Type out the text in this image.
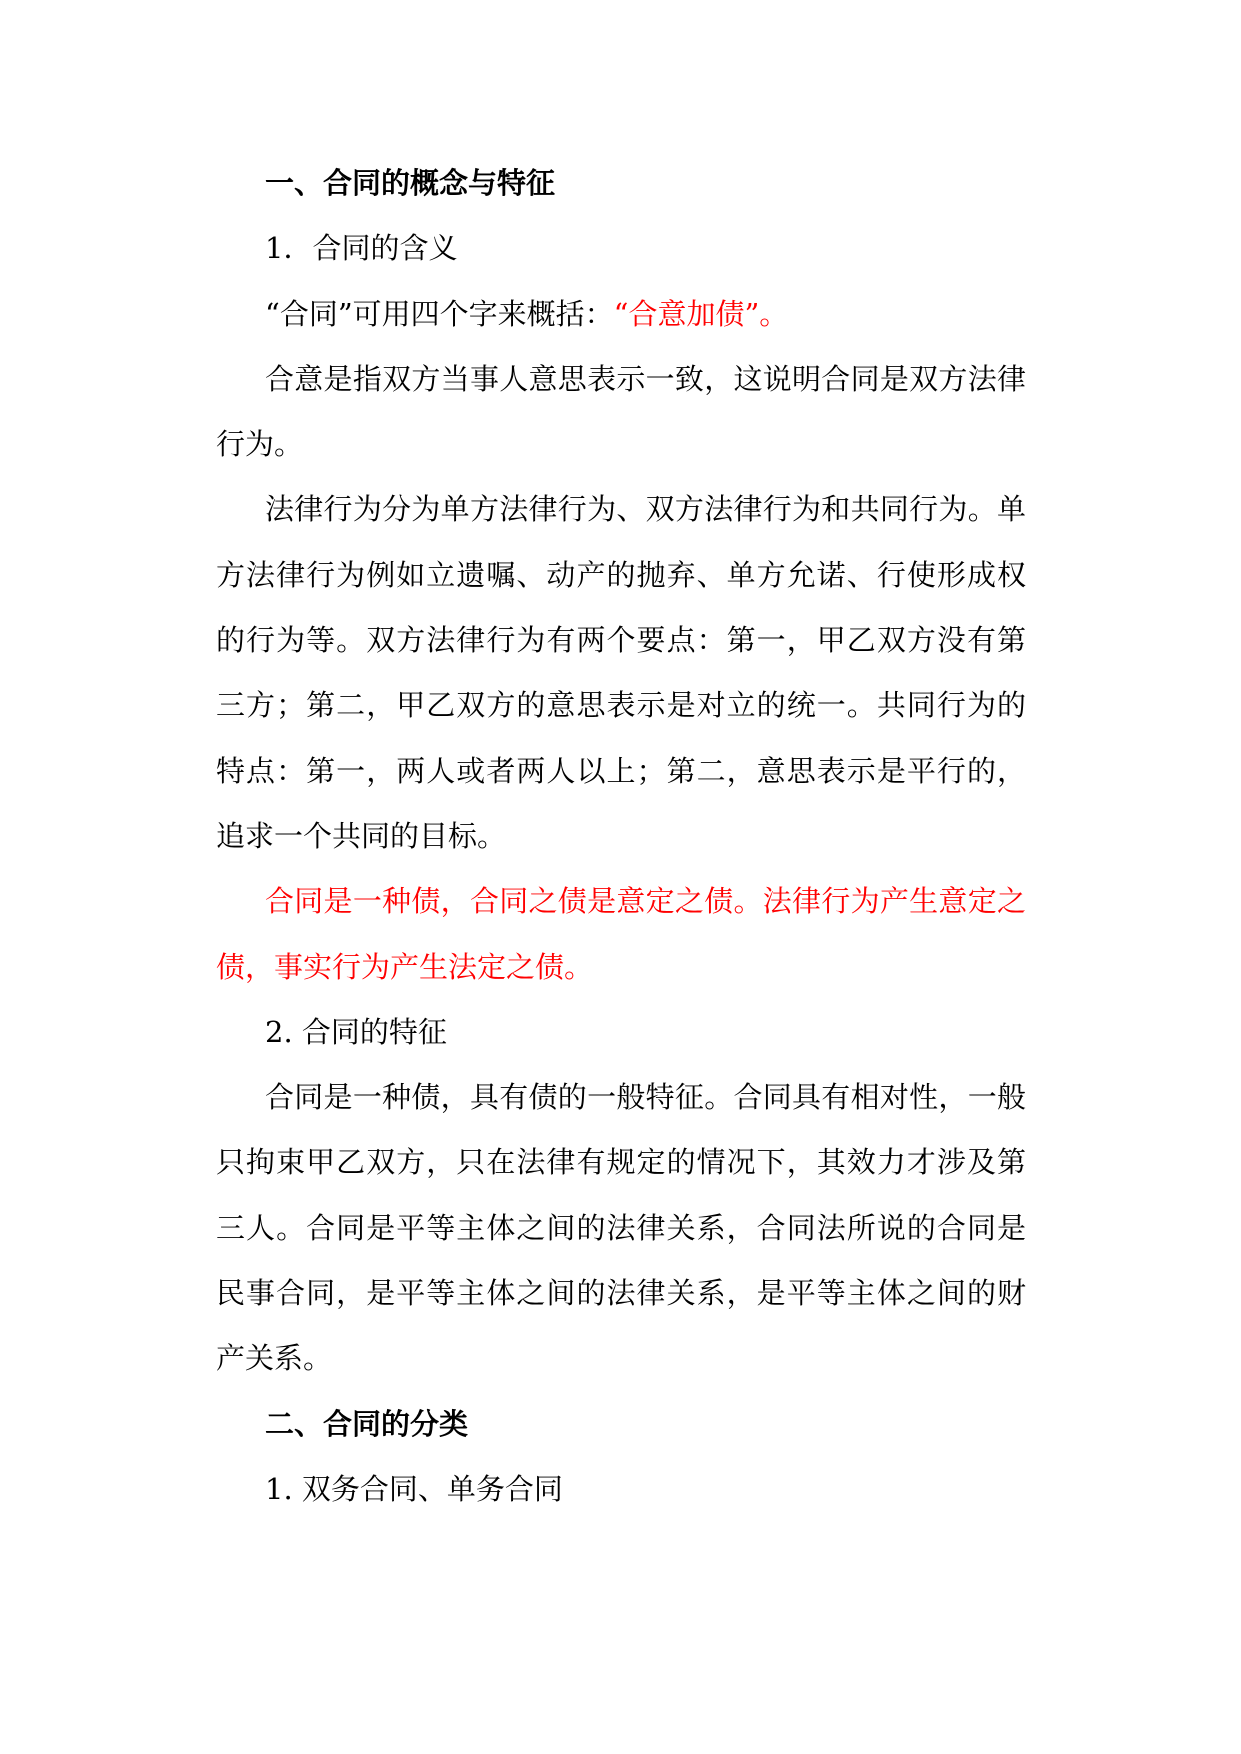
一、合同的概念与特征
1．合同的含义
“合同”可用四个字来概括：“合意加债”。
合意是指双方当事人意思表示一致，这说明合同是双方法律
行为。
法律行为分为单方法律行为、双方法律行为和共同行为。单
方法律行为例如立遗嘱、动产的抛弃、单方允诺、行使形成权
的行为等。双方法律行为有两个要点：第一，甲乙双方没有第
三方；第二，甲乙双方的意思表示是对立的统一。共同行为的
特点：第一，两人或者两人以上；第二，意思表示是平行的，
追求一个共同的目标。
合同是一种债，合同之债是意定之债。法律行为产生意定之
债，事实行为产生法定之债。
2. 合同的特征
合同是一种债，具有债的一般特征。合同具有相对性，一般
只拘束甲乙双方，只在法律有规定的情况下，其效力才涉及第
三人。合同是平等主体之间的法律关系，合同法所说的合同是
民事合同，是平等主体之间的法律关系，是平等主体之间的财
产关系。
二、合同的分类
1. 双务合同、单务合同
